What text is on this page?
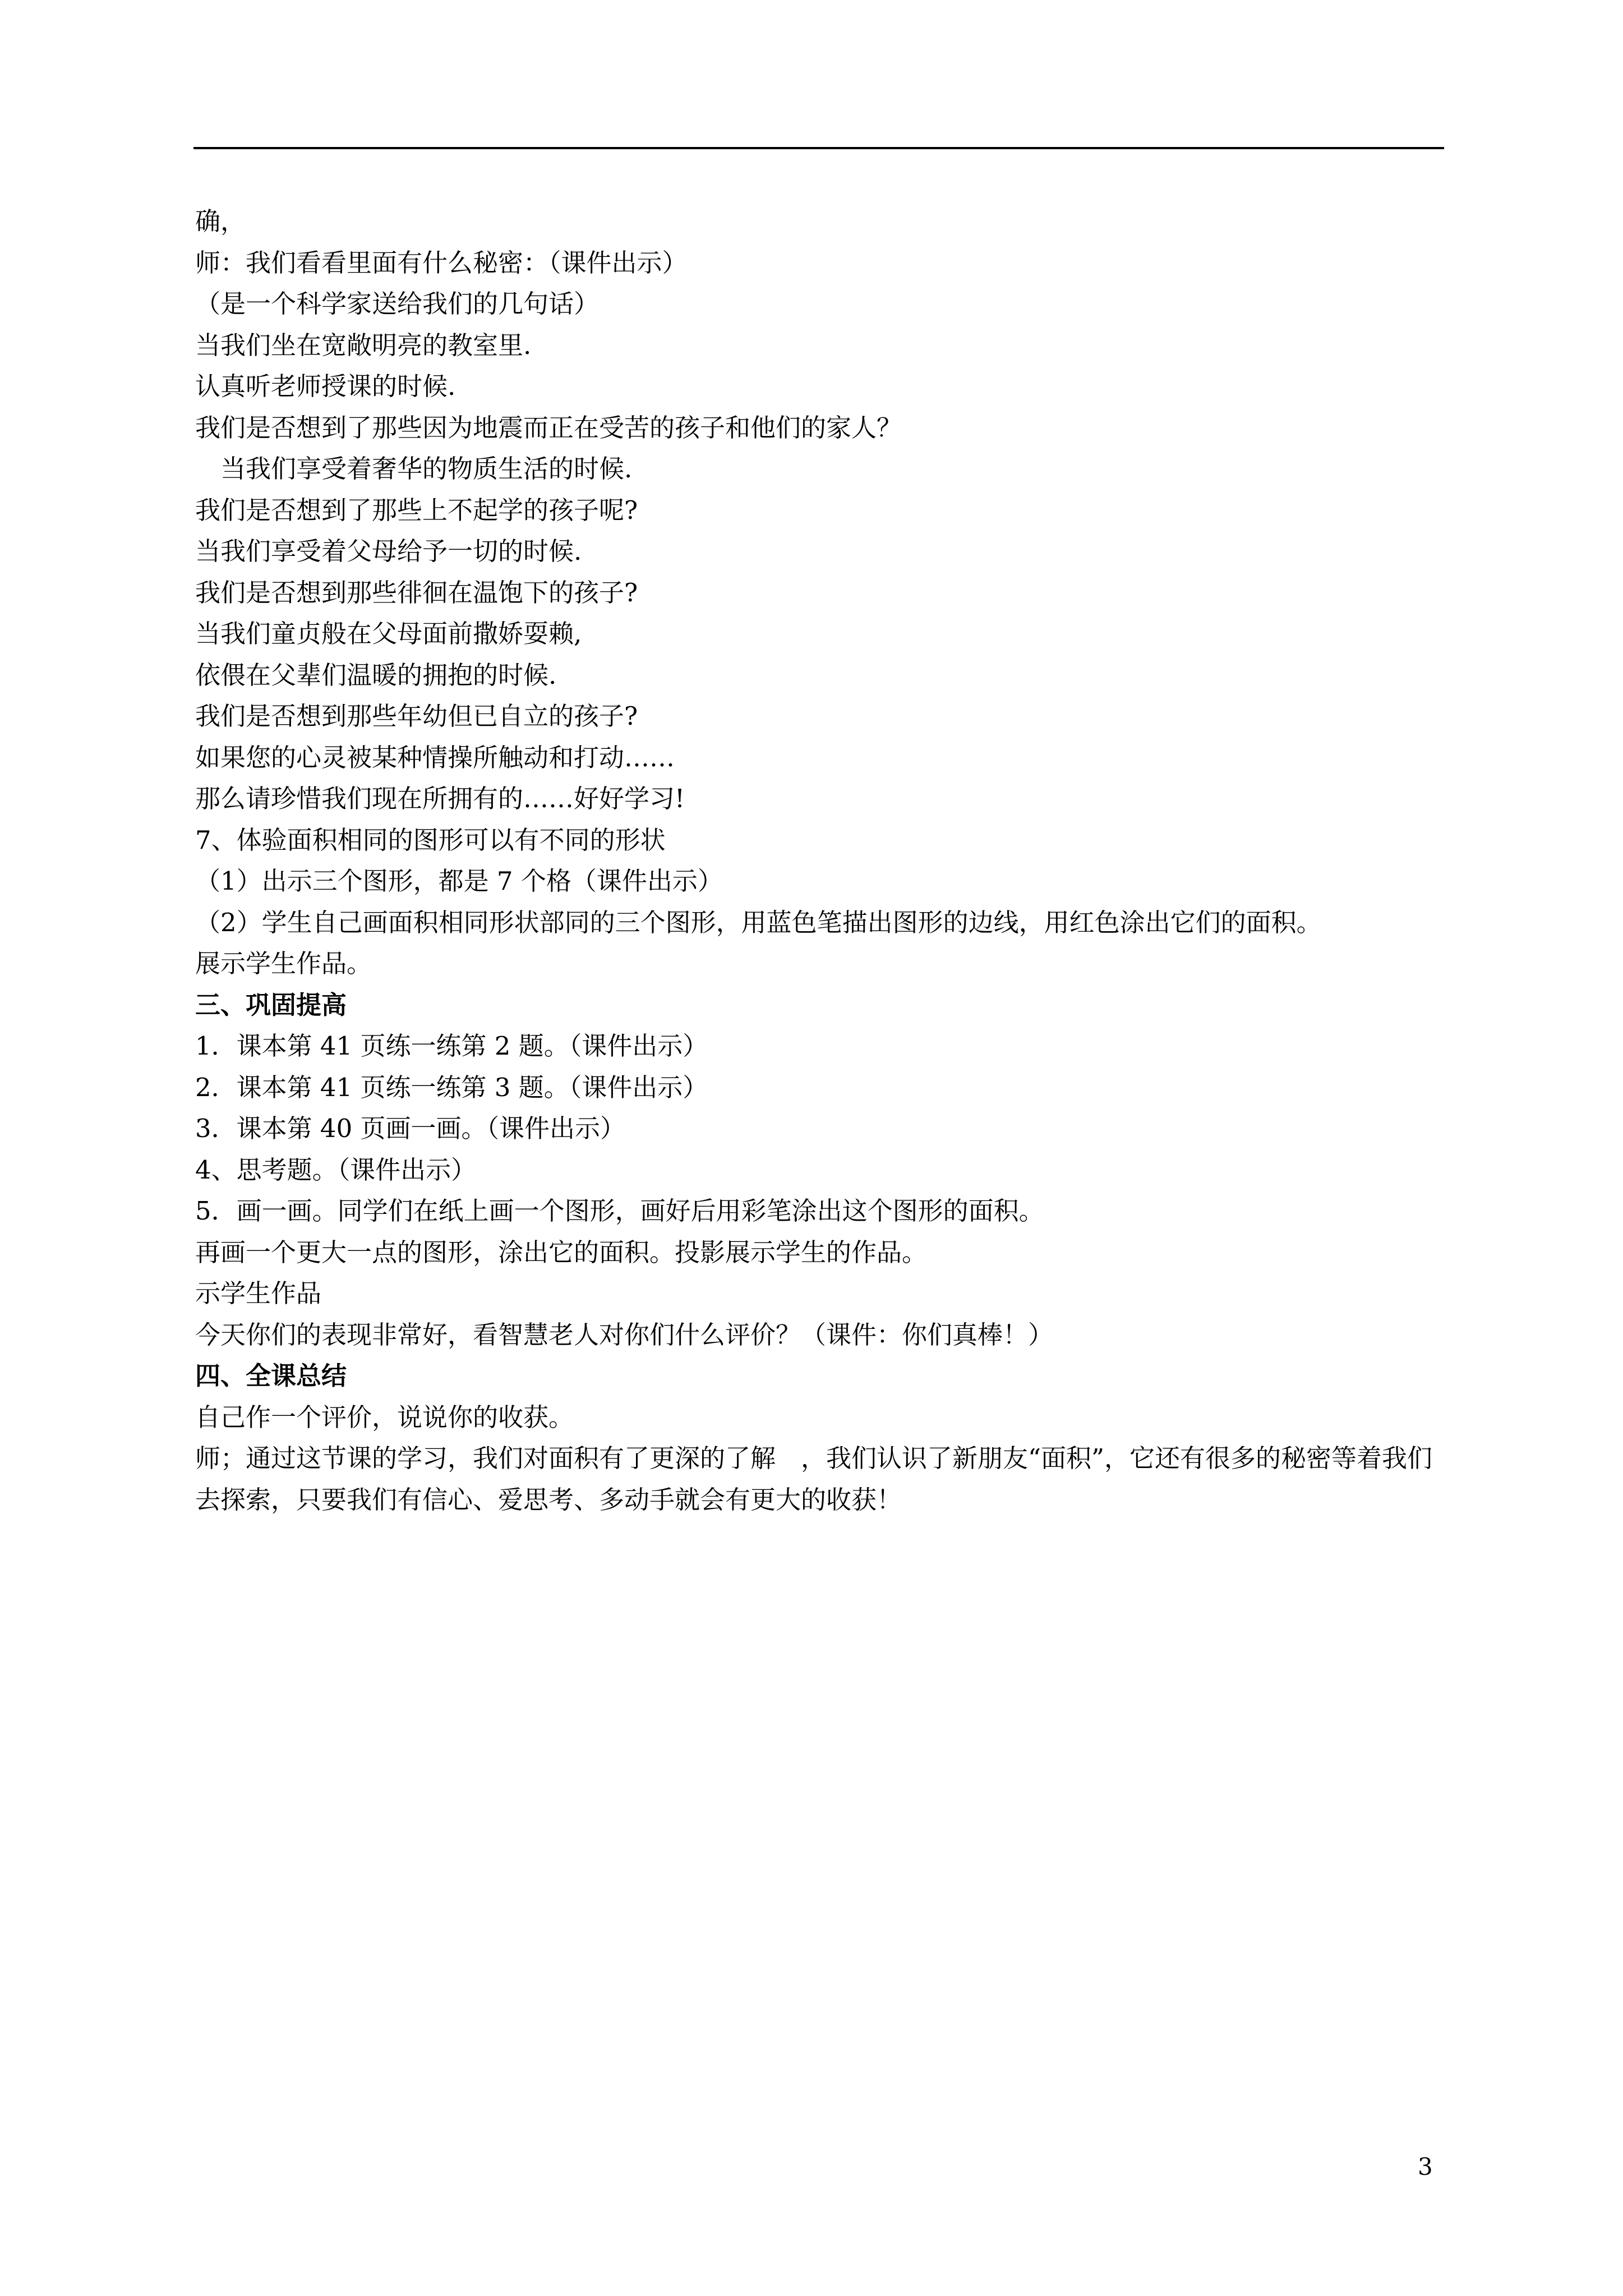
确，
师：我们看看里面有什么秘密：（课件出示）
（是一个科学家送给我们的几句话）
当我们坐在宽敞明亮的教室里.
认真听老师授课的时候.
我们是否想到了那些因为地震而正在受苦的孩子和他们的家人？
当我们享受着奢华的物质生活的时候.
我们是否想到了那些上不起学的孩子呢?
当我们享受着父母给予一切的时候.
我们是否想到那些徘徊在温饱下的孩子?
当我们童贞般在父母面前撒娇耍赖,
依偎在父辈们温暖的拥抱的时候.
我们是否想到那些年幼但已自立的孩子?
如果您的心灵被某种情操所触动和打动……
那么请珍惜我们现在所拥有的……好好学习!
7、体验面积相同的图形可以有不同的形状
（1）出示三个图形，都是 7 个格（课件出示）
（2）学生自己画面积相同形状部同的三个图形，用蓝色笔描出图形的边线，用红色涂出它们的面积。
展示学生作品。
三、巩固提高
1．课本第 41 页练一练第 2 题。（课件出示）
2．课本第 41 页练一练第 3 题。（课件出示）
3．课本第 40 页画一画。（课件出示）
4、思考题。（课件出示）
5．画一画。同学们在纸上画一个图形，画好后用彩笔涂出这个图形的面积。
再画一个更大一点的图形，涂出它的面积。投影展示学生的作品。
示学生作品
今天你们的表现非常好，看智慧老人对你们什么评价？（课件：你们真棒！）
四、全课总结
自己作一个评价，说说你的收获。
师；通过这节课的学习，我们对面积有了更深的了解　，我们认识了新朋友“面积”，它还有很多的秘密等着我们去探索，只要我们有信心、爱思考、多动手就会有更大的收获！
3
